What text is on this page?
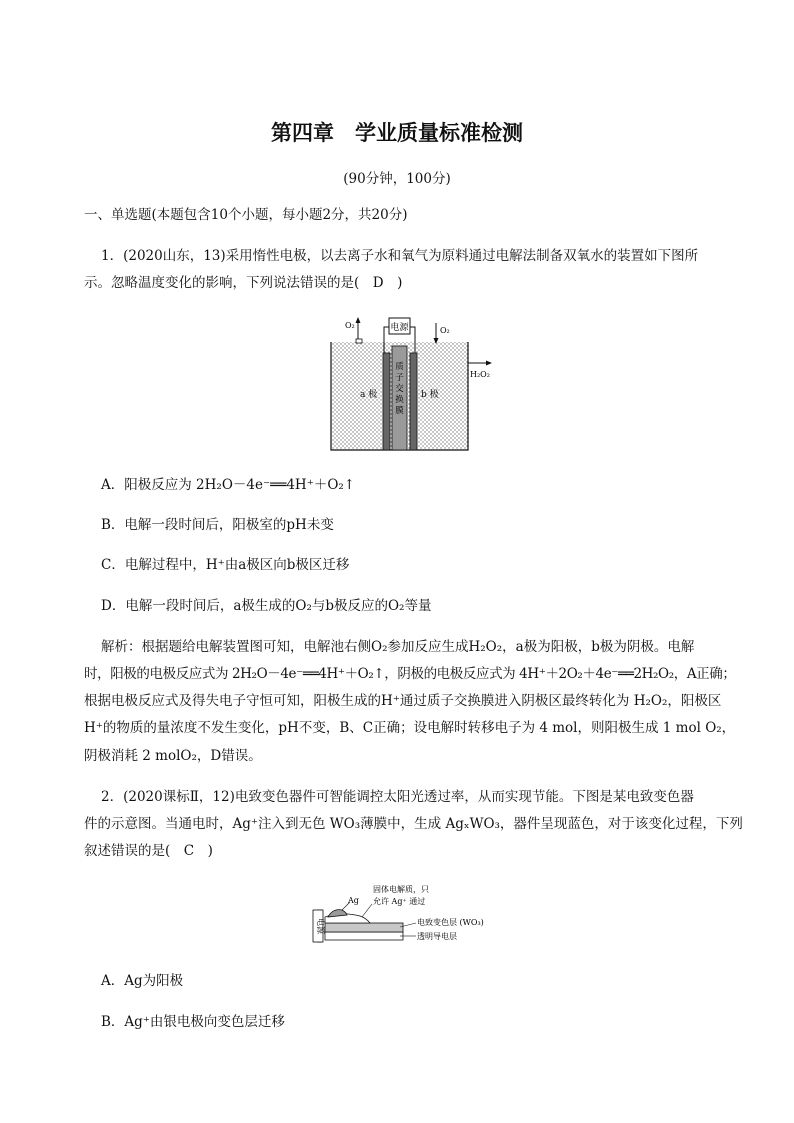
第四章　学业质量标准检测
(90分钟，100分)
一、单选题(本题包含10个小题，每小题2分，共20分)
1．(2020山东，13)采用惰性电极，以去离子水和氧气为原料通过电解法制备双氧水的装置如下图所
示。忽略温度变化的影响，下列说法错误的是(　D　)
电源
O₂
O₂
H₂O₂
质
子
交
换
膜
a 极	b 极
A．阳极反应为 2H₂O－4e⁻══4H⁺＋O₂↑
B．电解一段时间后，阳极室的pH未变
C．电解过程中，H⁺由a极区向b极区迁移
D．电解一段时间后，a极生成的O₂与b极反应的O₂等量
解析：根据题给电解装置图可知，电解池右侧O₂参加反应生成H₂O₂，a极为阳极，b极为阴极。电解
时，阳极的电极反应式为 2H₂O－4e⁻══4H⁺＋O₂↑，阴极的电极反应式为 4H⁺＋2O₂＋4e⁻══2H₂O₂，A正确；
根据电极反应式及得失电子守恒可知，阳极生成的H⁺通过质子交换膜进入阴极区最终转化为 H₂O₂，阳极区
H⁺的物质的量浓度不发生变化，pH不变，B、C正确；设电解时转移电子为 4 mol，则阳极生成 1 mol O₂，
阴极消耗 2 molO₂，D错误。
2．(2020课标Ⅱ，12)电致变色器件可智能调控太阳光透过率，从而实现节能。下图是某电致变色器
件的示意图。当通电时，Ag⁺注入到无色 WO₃薄膜中，生成 AgₓWO₃，器件呈现蓝色，对于该变化过程，下列
叙述错误的是(　C　)
电源
Ag
固体电解质，只
允许 Ag⁺ 通过
电致变色层 (WO₃)
透明导电层
A．Ag为阳极
B．Ag⁺由银电极向变色层迁移
